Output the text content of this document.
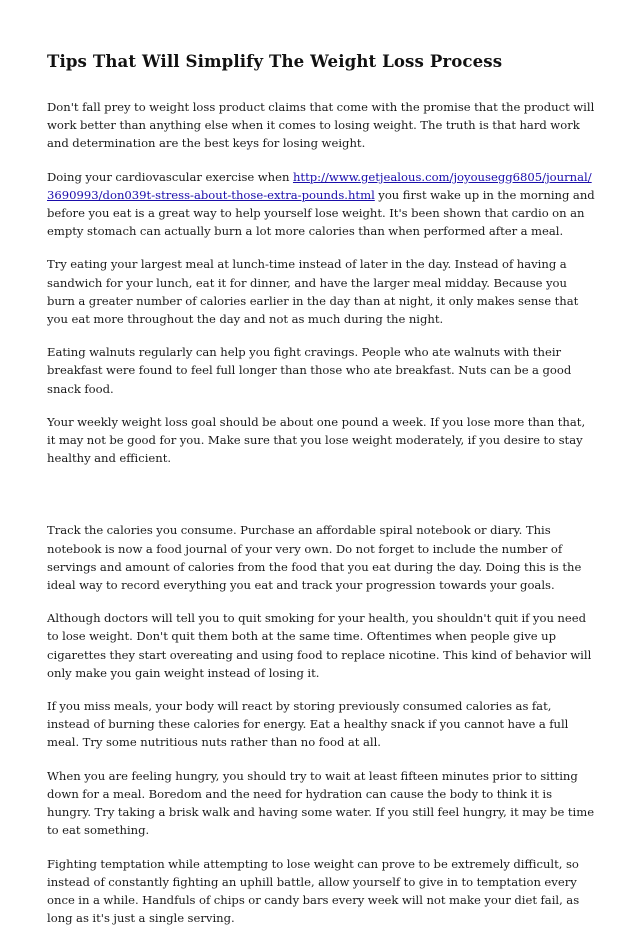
Tips That Will Simplify The Weight Loss Process

Don't fall prey to weight loss product claims that come with the promise that the product will work better than anything else when it comes to losing weight. The truth is that hard work and determination are the best keys for losing weight.

Doing your cardiovascular exercise when http://www.getjealous.com/joyousegg6805/journal/3690993/don039t-stress-about-those-extra-pounds.html you first wake up in the morning and before you eat is a great way to help yourself lose weight. It's been shown that cardio on an empty stomach can actually burn a lot more calories than when performed after a meal.

Try eating your largest meal at lunch-time instead of later in the day. Instead of having a sandwich for your lunch, eat it for dinner, and have the larger meal midday. Because you burn a greater number of calories earlier in the day than at night, it only makes sense that you eat more throughout the day and not as much during the night.

Eating walnuts regularly can help you fight cravings. People who ate walnuts with their breakfast were found to feel full longer than those who ate breakfast. Nuts can be a good snack food.

Your weekly weight loss goal should be about one pound a week. If you lose more than that, it may not be good for you. Make sure that you lose weight moderately, if you desire to stay healthy and efficient.

Track the calories you consume. Purchase an affordable spiral notebook or diary. This notebook is now a food journal of your very own. Do not forget to include the number of servings and amount of calories from the food that you eat during the day. Doing this is the ideal way to record everything you eat and track your progression towards your goals.

Although doctors will tell you to quit smoking for your health, you shouldn't quit if you need to lose weight. Don't quit them both at the same time. Oftentimes when people give up cigarettes they start overeating and using food to replace nicotine. This kind of behavior will only make you gain weight instead of losing it.

If you miss meals, your body will react by storing previously consumed calories as fat, instead of burning these calories for energy. Eat a healthy snack if you cannot have a full meal. Try some nutritious nuts rather than no food at all.

When you are feeling hungry, you should try to wait at least fifteen minutes prior to sitting down for a meal. Boredom and the need for hydration can cause the body to think it is hungry. Try taking a brisk walk and having some water. If you still feel hungry, it may be time to eat something.

Fighting temptation while attempting to lose weight can prove to be extremely difficult, so instead of constantly fighting an uphill battle, allow yourself to give in to temptation every once in a while. Handfuls of chips or candy bars every week will not make your diet fail, as long as it's just a single serving.
